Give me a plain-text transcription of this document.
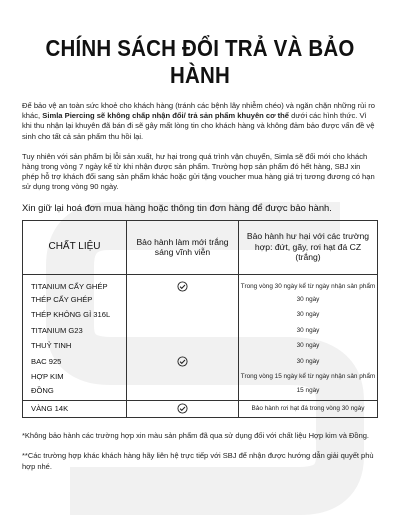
CHÍNH SÁCH ĐỔI TRẢ VÀ BẢO HÀNH

Để bảo vệ an toàn sức khoẻ cho khách hàng (tránh các bệnh lây nhiễm chéo) và ngăn chặn những rủi ro khác, Simla Piercing sẽ không chấp nhận đổi/ trả sản phẩm khuyên cơ thể dưới các hình thức. Vì khi thu nhận lại khuyên đã bán đi sẽ gây mất lòng tin cho khách hàng và không đảm bảo được vấn đề vệ sinh cho tất cả sản phẩm thu hồi lại.

Tuy nhiên với sản phẩm bị lỗi sản xuất, hư hại trong quá trình vận chuyển, Simla sẽ đổi mới cho khách hàng trong vòng 7 ngày kể từ khi nhận được sản phẩm. Trường hợp sản phẩm đó hết hàng, SBJ xin phép hỗ trợ khách đổi sang sản phẩm khác hoặc gửi tặng voucher mua hàng giá trị tương đương có hạn sử dụng trong vòng 90 ngày.

Xin giữ lại hoá đơn mua hàng hoặc thông tin đơn hàng để được bảo hành.

CHẤT LIỆU	Bảo hành làm mới trắng sáng vĩnh viễn	Bảo hành hư hại với các trường hợp: đứt, gãy, rơi hạt đá CZ (trắng)
TITANIUM CẤY GHÉP		Trong vòng 30 ngày kể từ ngày nhận sản phẩm
THÉP CẤY GHÉP		30 ngày
THÉP KHÔNG GỈ 316L		30 ngày
TITANIUM G23		30 ngày
THUỶ TINH		30 ngày
BAC 925		30 ngày
HỢP KIM		Trong vòng 15 ngày kể từ ngày nhận sản phẩm
ĐỒNG		15 ngày
VÀNG 14K		Bảo hành rơi hạt đá trong vòng 30 ngày

*Không bảo hành các trường hợp xin màu sản phẩm đã qua sử dụng đối với chất liệu Hợp kim và Đồng.

**Các trường hợp khác khách hàng hãy liên hệ trực tiếp với SBJ để nhận được hướng dẫn giải quyết phù hợp nhé.
